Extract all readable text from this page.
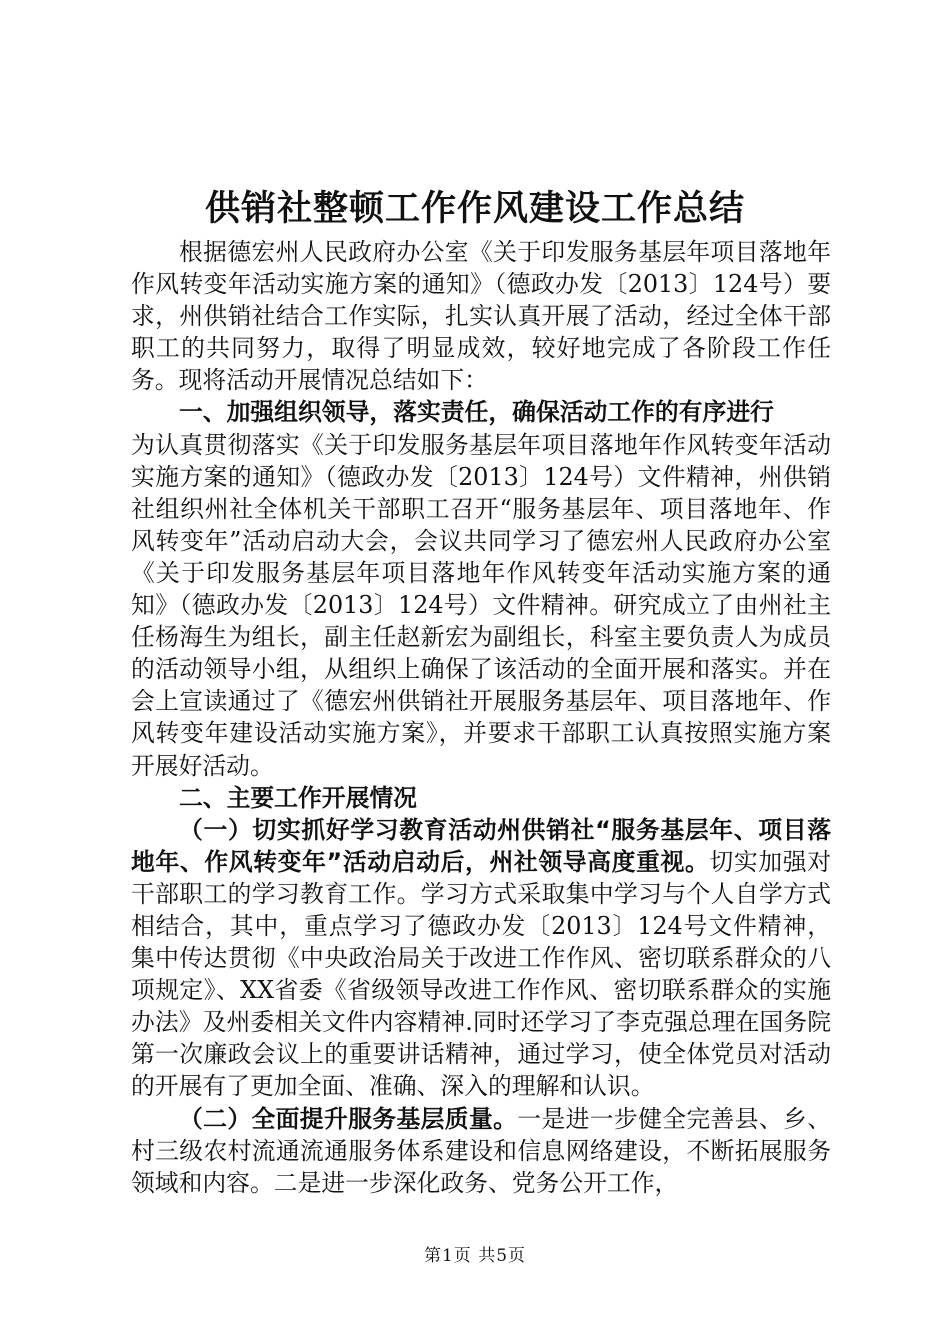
供销社整顿工作作风建设工作总结

根据德宏州人民政府办公室《关于印发服务基层年项目落地年作风转变年活动实施方案的通知》（德政办发〔2013〕124号）要求，州供销社结合工作实际，扎实认真开展了活动，经过全体干部职工的共同努力，取得了明显成效，较好地完成了各阶段工作任务。现将活动开展情况总结如下：

一、加强组织领导，落实责任，确保活动工作的有序进行

为认真贯彻落实《关于印发服务基层年项目落地年作风转变年活动实施方案的通知》（德政办发〔2013〕124号）文件精神，州供销社组织州社全体机关干部职工召开“服务基层年、项目落地年、作风转变年”活动启动大会，会议共同学习了德宏州人民政府办公室《关于印发服务基层年项目落地年作风转变年活动实施方案的通知》（德政办发〔2013〕124号）文件精神。研究成立了由州社主任杨海生为组长，副主任赵新宏为副组长，科室主要负责人为成员的活动领导小组，从组织上确保了该活动的全面开展和落实。并在会上宣读通过了《德宏州供销社开展服务基层年、项目落地年、作风转变年建设活动实施方案》，并要求干部职工认真按照实施方案开展好活动。

二、主要工作开展情况

（一）切实抓好学习教育活动州供销社“服务基层年、项目落地年、作风转变年”活动启动后，州社领导高度重视。切实加强对干部职工的学习教育工作。学习方式采取集中学习与个人自学方式相结合，其中，重点学习了德政办发〔2013〕124号文件精神，集中传达贯彻《中央政治局关于改进工作作风、密切联系群众的八项规定》、XX省委《省级领导改进工作作风、密切联系群众的实施办法》及州委相关文件内容精神.同时还学习了李克强总理在国务院第一次廉政会议上的重要讲话精神，通过学习，使全体党员对活动的开展有了更加全面、准确、深入的理解和认识。

（二）全面提升服务基层质量。一是进一步健全完善县、乡、村三级农村流通流通服务体系建设和信息网络建设，不断拓展服务领域和内容。二是进一步深化政务、党务公开工作，

第1页 共5页
